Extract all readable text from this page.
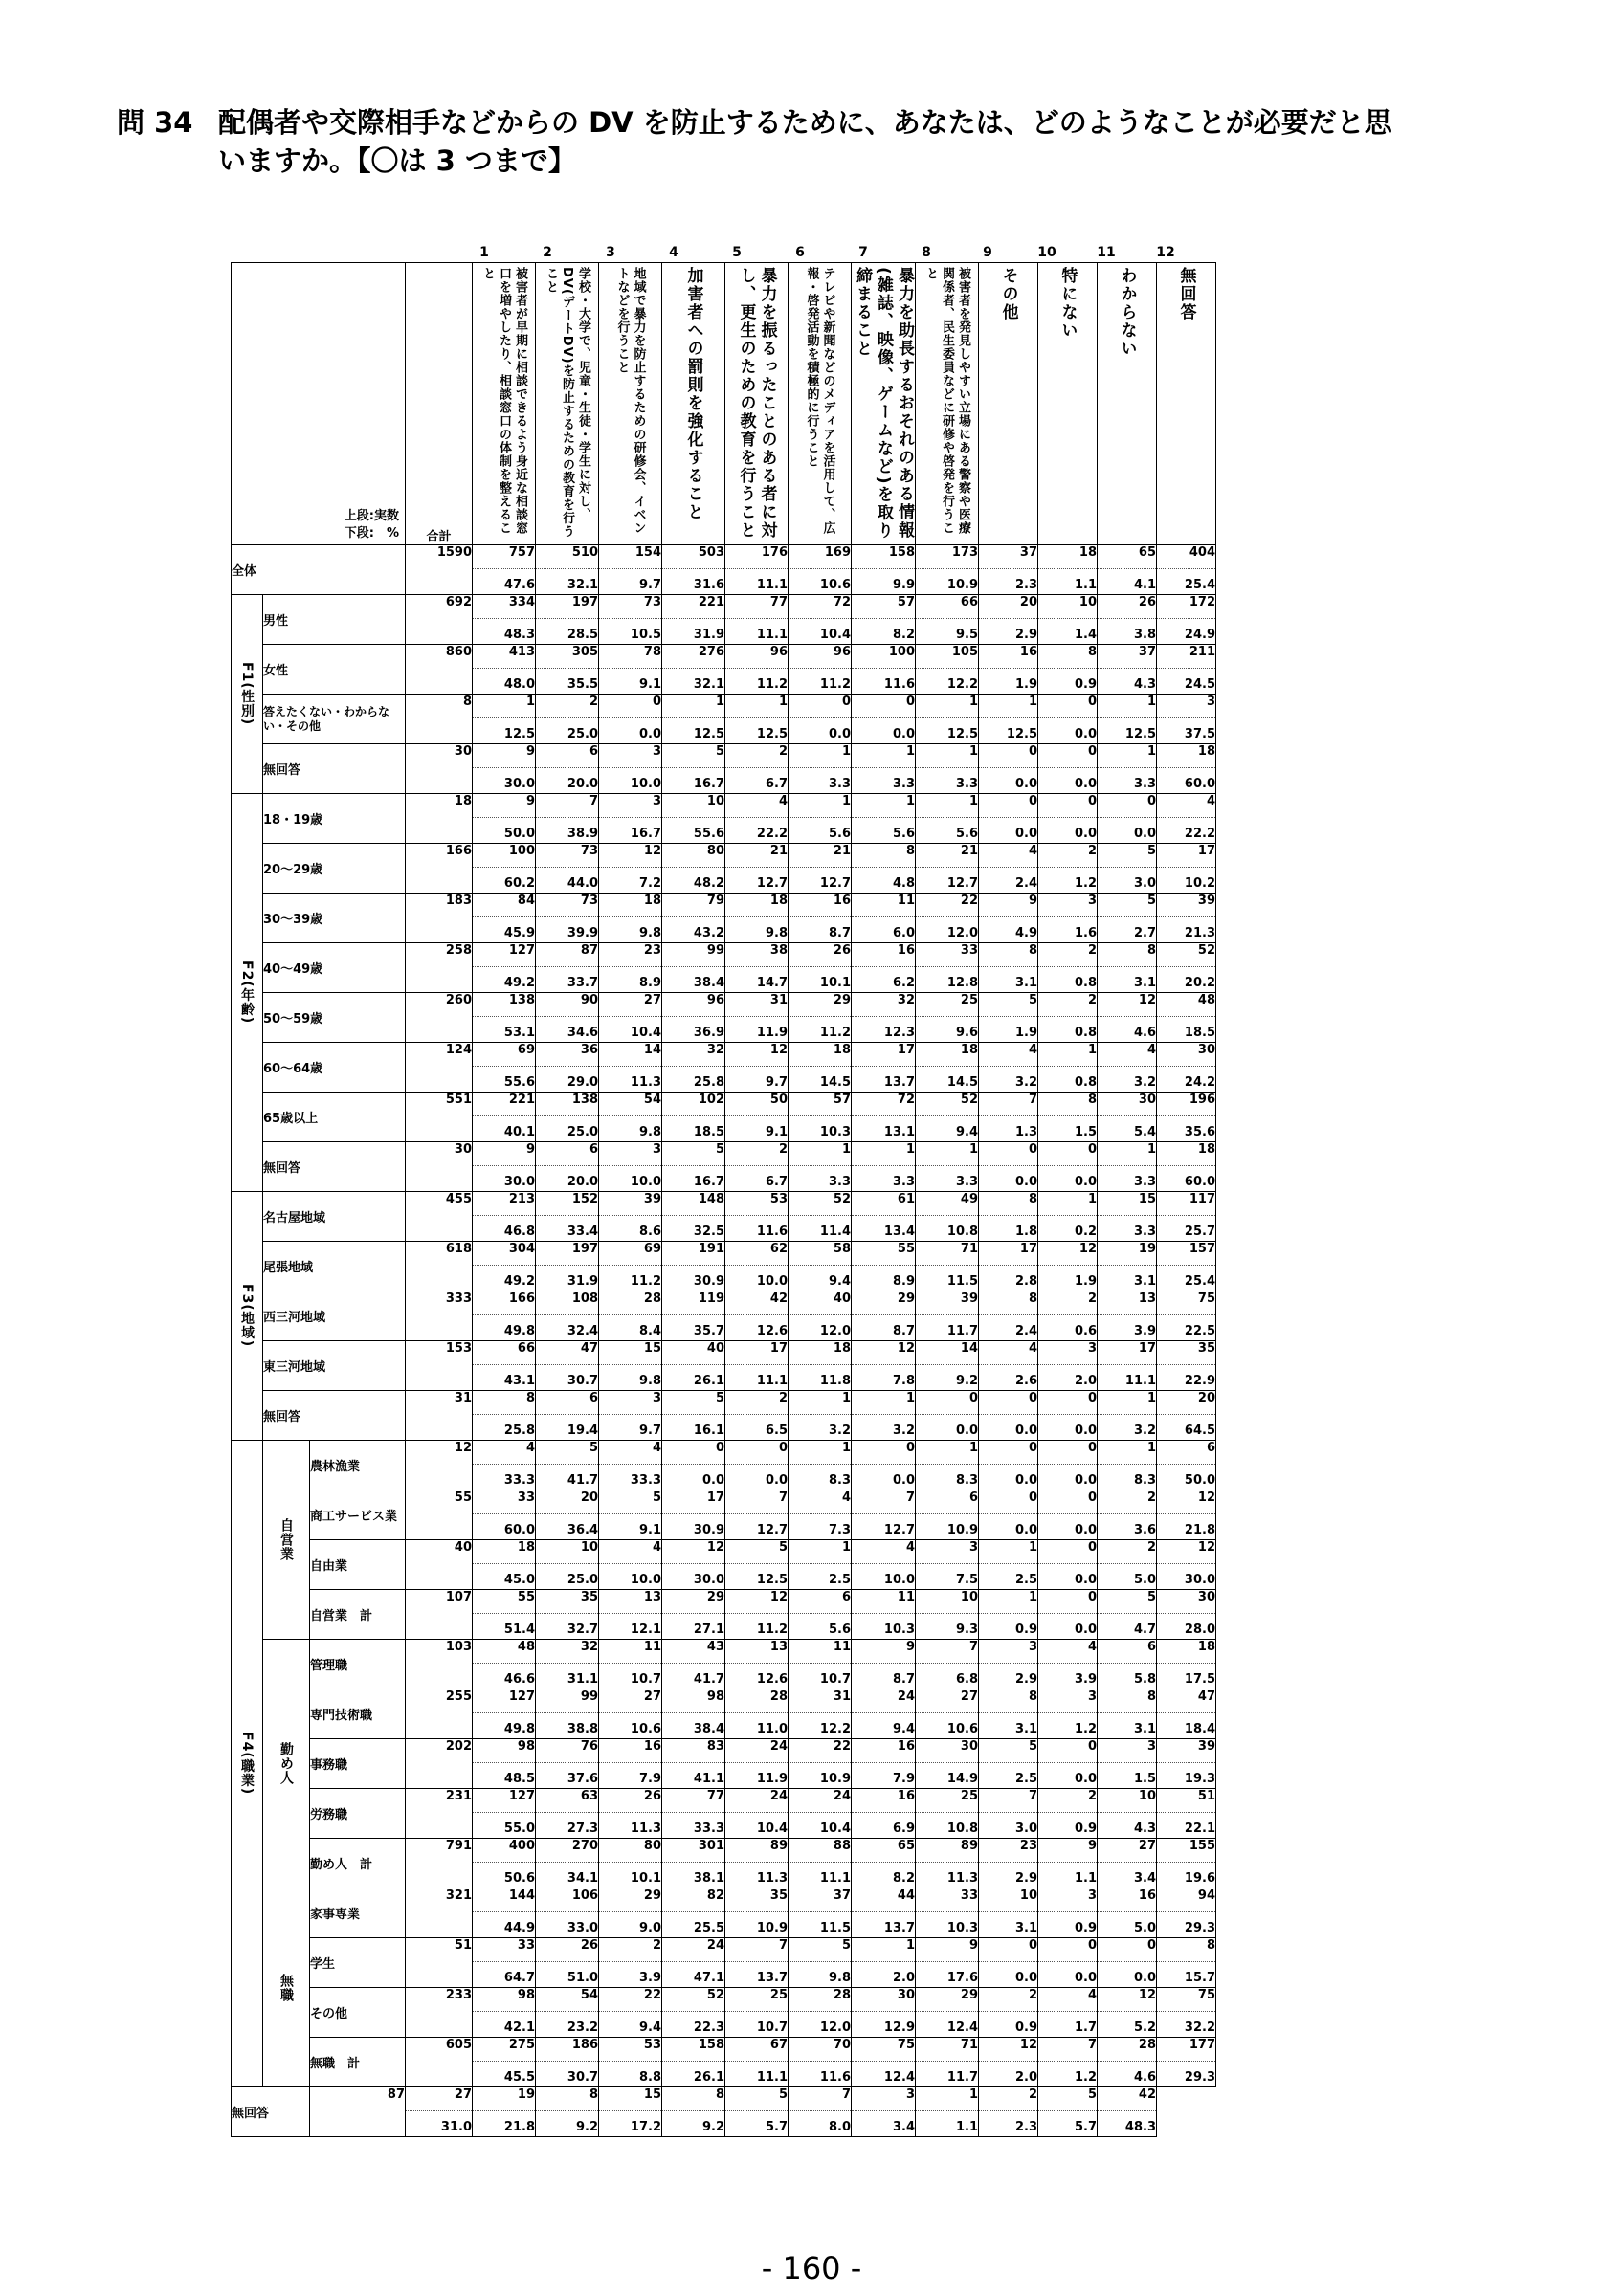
問 34 配偶者や交際相手などからの DV を防止するために、あなたは、どのようなことが必要だと思
いますか。【〇は 3 つまで】
1	2	3	4	5	6	7	8	9	10	11	12
上段:実数
下段:　%			合計	被害者が早期に相談できるよう身近な相談窓口を増やしたり、相談窓口の体制を整えること	学校・大学で、児童・生徒・学生に対し、DV(デートDV)を防止するための教育を行うこと	地域で暴力を防止するための研修会、イベントなどを行うこと	加害者への罰則を強化すること	暴力を振るったことのある者に対し、更生のための教育を行うこと	テレビや新聞などのメディアを活用して、広報・啓発活動を積極的に行うこと	暴力を助長するおそれのある情報(雑誌、映像、ゲームなど)を取り締まること	被害者を発見しやすい立場にある警察や医療関係者、民生委員などに研修や啓発を行うこと	その他	特にない	わからない	無回答

全体			1590	757	510	154	503	176	169	158	173	37	18	65	404
				47.6	32.1	9.7	31.6	11.1	10.6	9.9	10.9	2.3	1.1	4.1	25.4

F1(性別)	男性		692	334	197	73	221	77	72	57	66	20	10	26	172
				48.3	28.5	10.5	31.9	11.1	10.4	8.2	9.5	2.9	1.4	3.8	24.9
	女性		860	413	305	78	276	96	96	100	105	16	8	37	211
				48.0	35.5	9.1	32.1	11.2	11.2	11.6	12.2	1.9	0.9	4.3	24.5
	答えたくない・わからない・その他		8	1	2	0	1	1	0	0	1	1	0	1	3
				12.5	25.0	0.0	12.5	12.5	0.0	0.0	12.5	12.5	0.0	12.5	37.5
	無回答		30	9	6	3	5	2	1	1	1	0	0	1	18
				30.0	20.0	10.0	16.7	6.7	3.3	3.3	3.3	0.0	0.0	3.3	60.0

F2(年齢)	18・19歳		18	9	7	3	10	4	1	1	1	0	0	0	4
				50.0	38.9	16.7	55.6	22.2	5.6	5.6	5.6	0.0	0.0	0.0	22.2
	20～29歳		166	100	73	12	80	21	21	8	21	4	2	5	17
				60.2	44.0	7.2	48.2	12.7	12.7	4.8	12.7	2.4	1.2	3.0	10.2
	30～39歳		183	84	73	18	79	18	16	11	22	9	3	5	39
				45.9	39.9	9.8	43.2	9.8	8.7	6.0	12.0	4.9	1.6	2.7	21.3
	40～49歳		258	127	87	23	99	38	26	16	33	8	2	8	52
				49.2	33.7	8.9	38.4	14.7	10.1	6.2	12.8	3.1	0.8	3.1	20.2
	50～59歳		260	138	90	27	96	31	29	32	25	5	2	12	48
				53.1	34.6	10.4	36.9	11.9	11.2	12.3	9.6	1.9	0.8	4.6	18.5
	60～64歳		124	69	36	14	32	12	18	17	18	4	1	4	30
				55.6	29.0	11.3	25.8	9.7	14.5	13.7	14.5	3.2	0.8	3.2	24.2
	65歳以上		551	221	138	54	102	50	57	72	52	7	8	30	196
				40.1	25.0	9.8	18.5	9.1	10.3	13.1	9.4	1.3	1.5	5.4	35.6
	無回答		30	9	6	3	5	2	1	1	1	0	0	1	18
				30.0	20.0	10.0	16.7	6.7	3.3	3.3	3.3	0.0	0.0	3.3	60.0

F3(地域)	名古屋地域		455	213	152	39	148	53	52	61	49	8	1	15	117
				46.8	33.4	8.6	32.5	11.6	11.4	13.4	10.8	1.8	0.2	3.3	25.7
	尾張地域		618	304	197	69	191	62	58	55	71	17	12	19	157
				49.2	31.9	11.2	30.9	10.0	9.4	8.9	11.5	2.8	1.9	3.1	25.4
	西三河地域		333	166	108	28	119	42	40	29	39	8	2	13	75
				49.8	32.4	8.4	35.7	12.6	12.0	8.7	11.7	2.4	0.6	3.9	22.5
	東三河地域		153	66	47	15	40	17	18	12	14	4	3	17	35
				43.1	30.7	9.8	26.1	11.1	11.8	7.8	9.2	2.6	2.0	11.1	22.9
	無回答		31	8	6	3	5	2	1	1	0	0	0	1	20
				25.8	19.4	9.7	16.1	6.5	3.2	3.2	0.0	0.0	0.0	3.2	64.5

F4(職業)	自営業	農林漁業	12	4	5	4	0	0	1	0	1	0	0	1	6
				33.3	41.7	33.3	0.0	0.0	8.3	0.0	8.3	0.0	0.0	8.3	50.0
		商工サービス業	55	33	20	5	17	7	4	7	6	0	0	2	12
				60.0	36.4	9.1	30.9	12.7	7.3	12.7	10.9	0.0	0.0	3.6	21.8
		自由業	40	18	10	4	12	5	1	4	3	1	0	2	12
				45.0	25.0	10.0	30.0	12.5	2.5	10.0	7.5	2.5	0.0	5.0	30.0
		自営業　計	107	55	35	13	29	12	6	11	10	1	0	5	30
				51.4	32.7	12.1	27.1	11.2	5.6	10.3	9.3	0.9	0.0	4.7	28.0

	勤め人	管理職	103	48	32	11	43	13	11	9	7	3	4	6	18
				46.6	31.1	10.7	41.7	12.6	10.7	8.7	6.8	2.9	3.9	5.8	17.5
		専門技術職	255	127	99	27	98	28	31	24	27	8	3	8	47
				49.8	38.8	10.6	38.4	11.0	12.2	9.4	10.6	3.1	1.2	3.1	18.4
		事務職	202	98	76	16	83	24	22	16	30	5	0	3	39
				48.5	37.6	7.9	41.1	11.9	10.9	7.9	14.9	2.5	0.0	1.5	19.3
		労務職	231	127	63	26	77	24	24	16	25	7	2	10	51
				55.0	27.3	11.3	33.3	10.4	10.4	6.9	10.8	3.0	0.9	4.3	22.1
		勤め人　計	791	400	270	80	301	89	88	65	89	23	9	27	155
				50.6	34.1	10.1	38.1	11.3	11.1	8.2	11.3	2.9	1.1	3.4	19.6

	無職	家事専業	321	144	106	29	82	35	37	44	33	10	3	16	94
				44.9	33.0	9.0	25.5	10.9	11.5	13.7	10.3	3.1	0.9	5.0	29.3
		学生	51	33	26	2	24	7	5	1	9	0	0	0	8
				64.7	51.0	3.9	47.1	13.7	9.8	2.0	17.6	0.0	0.0	0.0	15.7
		その他	233	98	54	22	52	25	28	30	29	2	4	12	75
				42.1	23.2	9.4	22.3	10.7	12.0	12.9	12.4	0.9	1.7	5.2	32.2
		無職　計	605	275	186	53	158	67	70	75	71	12	7	28	177
				45.5	30.7	8.8	26.1	11.1	11.6	12.4	11.7	2.0	1.2	4.6	29.3
無回答		87	27	19	8	15	8	5	7	3	1	2	5	42	
			31.0	21.8	9.2	17.2	9.2	5.7	8.0	3.4	1.1	2.3	5.7	48.3	
- 160 -
